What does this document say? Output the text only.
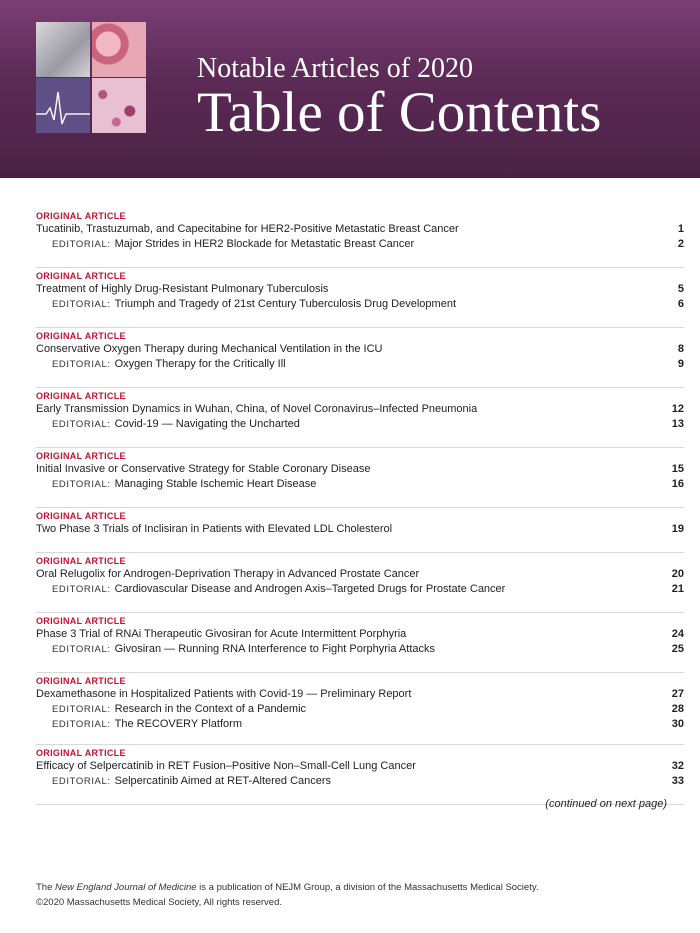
Notable Articles of 2020
Table of Contents
ORIGINAL ARTICLE
Tucatinib, Trastuzumab, and Capecitabine for HER2-Positive Metastatic Breast Cancer	1
EDITORIAL: Major Strides in HER2 Blockade for Metastatic Breast Cancer	2
ORIGINAL ARTICLE
Treatment of Highly Drug-Resistant Pulmonary Tuberculosis	5
EDITORIAL: Triumph and Tragedy of 21st Century Tuberculosis Drug Development	6
ORIGINAL ARTICLE
Conservative Oxygen Therapy during Mechanical Ventilation in the ICU	8
EDITORIAL: Oxygen Therapy for the Critically Ill	9
ORIGINAL ARTICLE
Early Transmission Dynamics in Wuhan, China, of Novel Coronavirus–Infected Pneumonia	12
EDITORIAL: Covid-19 — Navigating the Uncharted	13
ORIGINAL ARTICLE
Initial Invasive or Conservative Strategy for Stable Coronary Disease	15
EDITORIAL: Managing Stable Ischemic Heart Disease	16
ORIGINAL ARTICLE
Two Phase 3 Trials of Inclisiran in Patients with Elevated LDL Cholesterol	19
ORIGINAL ARTICLE
Oral Relugolix for Androgen-Deprivation Therapy in Advanced Prostate Cancer	20
EDITORIAL: Cardiovascular Disease and Androgen Axis–Targeted Drugs for Prostate Cancer	21
ORIGINAL ARTICLE
Phase 3 Trial of RNAi Therapeutic Givosiran for Acute Intermittent Porphyria	24
EDITORIAL: Givosiran — Running RNA Interference to Fight Porphyria Attacks	25
ORIGINAL ARTICLE
Dexamethasone in Hospitalized Patients with Covid-19 — Preliminary Report	27
EDITORIAL: Research in the Context of a Pandemic	28
EDITORIAL: The RECOVERY Platform	30
ORIGINAL ARTICLE
Efficacy of Selpercatinib in RET Fusion–Positive Non–Small-Cell Lung Cancer	32
EDITORIAL: Selpercatinib Aimed at RET-Altered Cancers	33
(continued on next page)
The New England Journal of Medicine is a publication of NEJM Group, a division of the Massachusetts Medical Society.
©2020 Massachusetts Medical Society, All rights reserved.
